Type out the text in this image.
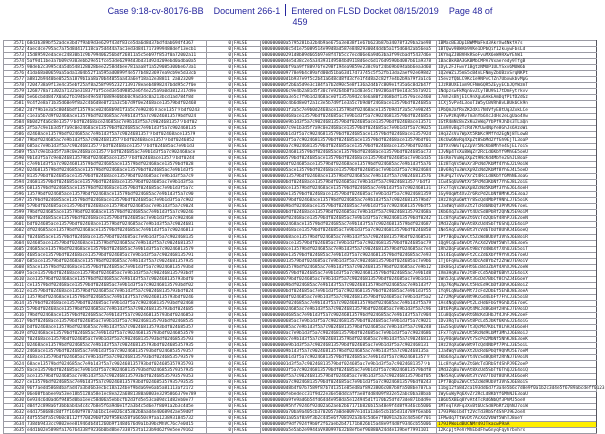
Case 9:18-cv-80176-BB Document 266-1 Entered on FLSD Docket 08/15/2019 Page 48 of
459
3571	68d3b389bf52adce3bd7f9ab9d3e629f43df83ce5da6d8d37bdfdab694f4367	0	FALSE	000000000a5795281b32b4b9ae675a3e038f1e67b623b87b34078f329ba2ae98	1BMacBE3Dp1BWMMaFkd3AkrXw4NkfA7s	
3572	4aecdce795ac7a75d8d417118ca75d444a7ac1ed3d8417173999488def13ecb1	0	FALSE	0000000000c541e75089514e99d8ad587e8482930044ddb5a1f5d6042ab56ea5	1BTQwv98WAb9VKe1DPbQif12kuywFbsLd	
3573	15d89592edacec24830b1c9b799406256bdf26811a5c5eb97f853f0a72002a11	0	FALSE	000000000291d8b89d665b97e8f47b5cc7ecd06e6a9d63ba3f99cbadf5437d6e	1KYmqZJ8BVHkRSoFvuMX6eW9RXwYEhW1	
3574	5af9d11be3a7b09c9303ebb29e51fce53de62994d3bd31d92d209ebd0adba0a5	0	FALSE	0000000004e5d38c2e5a34393149584bd9118d6ec6d176d9590bd087b61a9378	1BacBkABA3GKBMbCMPA7Vxaeredy9TfgB	
3575	98deb2c3995cda5db548128028bee2258d4bee781aaa8f1a529085300be673a1	0	FALSE	000000000bf9aa9ff80976fe298f194ea9859e238c9af24b69b694abb6ea3d60	1DyL2FJFwvY1BgtzNMUP1ULYSxv6MUW6b	
3576	41da68a00659aa5ada1304b52f1a595ad0899f4e577b4823697ea9cb9e5d33cb	0	FALSE	0000000009778e9b4c89afd00d51ba63d17d73745c5f52fb13da2aef92e698d2	1Q2eWZiJ5mS5cB4nLFNmyZbUBzxSrqNKPt	
3577	a8812b9440be0525a1879b1aa8a70b44055aa43a6ef18a12e38811 2a023209	0	FALSE	000000000d1b937e9f5c2b41a648cd8fd3cfe1f4d8a2c82f7e4b2b9a79f3a1c6	15evzfQbLC9Kc1e9NPvCTZn7UbxwkbvMpG	
3578	7204738a9f13e4c35ebf25af8a258f9952327139178eaeb4898247bdd95c7f0e	0	FALSE	000000000f2b6a5d9e3c184fa7b2d90c5e8f136a2d4b7c809e1f35a6c8d2b47f	1JzR8UXE1xm9CFNm6QR5ZEyyECbJQYWzmT	
3579	1268778a71302a7132ae31837faf5ced3e5d98852e6f4e225a9a0d3812317d9e	0	FALSE	0000000006c9e4b2a81d5f30c7e9264b8fa1d03e5c7b9286a4f0e1d3c5b7a921	1NdpzswFkMqnGvZCyTBU9S17tDmFytrkvv	
3580	5e66cbdd847X0a62fb194be49e5876889e0bbb0c9ad3dc0a213bcd1ad784f8d	0	FALSE	000000000a3e5c7f9b1d2468ace0f1357b9d2c4e6a80f2468bdf13579ace2460	17mh2sBhjE1C9nXgu6AkEAmDqfP1fD2dGz	
3581	9c4f2e8a71b35d60e9f8a2c4b6d8e0f21a3c5b7d9f0e2468ace13579bdf02468	0	FALSE	000000000c4b6d8e0f2a1c3e5b7d9f1e3a5c7b9d0f2468ace13579bdf024685a	1CXj5vPv4L3ooT1W5yCBVRhBvLBUk6Ck9n	
3582	2d7f9b1e3a5c8046bdf13579ace02468b9d1f3a5c7e90246８ace1357９bdf0243	0	FALSE	0000000001f3a5c7e9b0d2468ace13579bdf02468ace1357b9d1f3a5c7e90245	1PbQmJafRvZK2dXi7N4VfyE8tUq3ZxkLCe	
3583	c1e3a5b7d9f02468ace13579bdf024685ac7e9b1d3f5a7c90246813579bdf024	0	FALSE	000000000468ace13579bdf024685ac7e9b1d3f5a7c90246813579bdf024685a	1F7wPzKq9RvTm3nYb6XcJdHs2eLgUao4Vw	
3584	8b0d2f4a6c8e1357９bdf02468ace24685ac7e9b1d3f5a7c9024681357９bdf02	0	FALSE	000000000e9b1d3f5a7c90246813579bdf024685ace13579bdf02468ace13571	1GtR4mNc8vZxKu2eWq7YbPf9JhDs3TLaQn	
3585	3f5a7c9e1b3d5f7a9c0e2468ace13579bdf024685ac7e9b1d3f5a7c902468135	0	FALSE	0000000007c9e1b3d5f7a9c0e2468ace13579bdf024685ac7e9b1d3f5a7c9025	1Lm9XvBq2TcRd7KfUw4NpYe8GhJs6AzoWi	
3586	d2468ace13579bdf024685ac7e9b1d3f5a7c9024681357９bdf02468ace13579	0	FALSE	000000000b1d3f5a7c90246813579bdf024685ace13579bdf02468ace135792d	1Hq3ZsVu7WpXt5RbKc9MfYd2EgNj8TLowB	
3587	79bdf024685ac7e9b1d3f5a7c9024681357９bdf02468ace1357９bdf0246852	0	FALSE	0000000003f5a7c90246813579bdf024685ace13579bdf02468ace13579bdf01	1KcUw6NvRq4XpZt8SbMd2YfGh9EjTL3oaP	
3588	685ac7e9b1d3f5a7c9024681357９bdf02468ace1357９bdf024685ac7e9b1d3	0	FALSE	000000000a7c90246813579bdf024685ace13579bdf02468ace13579bdf02463	1DfXs9WuTq2ZpVr5NcKb8MhYe4GjEL7oiS	
3589	f5a7c9e1b3d5f7a9c0e2468ace1357９bdf024685ac7e9b1d3f5a7c902468ace	0	FALSE	000000000246813579bdf024685ace13579bdf02468ace13579bdf024685ac73	1JvNp4TsXu8WqZr2RcLd6KbYf9MhGE5oeU	
3590	9b1d3f5a7c9e0246813579bdf024685ace1357９bdf02468ace1357９bdf0244	0	FALSE	000000000579bdf024685ace13579bdf02468ace13579bdf024685ac7e9b1d35	16sRm7VuWq3XpZt9NcKd4MbYe2GhJL8oaF	
3591	c7e9b1d3f5a7c90246813579bdf024685ace13579bdf02468ace13579bdf028	0	FALSE	000000000df024685ace13579bdf02468ace13579bdf024685ac7e9b1d3f5a76	1Ez8TqVs5WuXr3PcNd7KbMf4YhGJ2L9oiW	
3592	0246813579bdf024685ace13579bdf02468ace13579bdf024685ac7e9b1d3f5	0	FALSE	0000000005ace13579bdf02468ace13579bdf024685ac7e9b1d3f5a7c9024684	1Bv6RqTu3WsXp9ZcNd2KbMf8YhGJ4L5oeD	
3593	813579bdf024685ace13579bdf02468ace13579bdf024685ac7e9b1d3f5a7c9	0	FALSE	00000000013579bdf02468ace13579bdf024685ac7e9b1d3f5a7c90246813576	19uPq2TsVw7XrZt4RcLd8KbYf6MhNE3oaG	
3594	246813579bdf024685ace13579bdf02468ace13579bdf024685ac7e9b1d3f5a	0	FALSE	000000000bdf02468ace13579bdf024685ac7e9b1d3f5a7c9024681357９bdf3	1Cw4SqUu9WtXr5PcMd3KbNf7YhGJ8L2oiE	
3595	6813579bdf024685ace13579bdf02468ace13579bdf024685ac7e9b1d3f5a7c	0	FALSE	000000000ce13579bdf02468ace13579bdf024685ac7e9b1d3f5a7c902468131	1Fx7TqVs2WuXp8ZcNd5KbMf3YhGJ6L4oeH	
3596	13579bdf024685ace13579bdf02468ace13579bdf024685ac7e9b1d3f5a7c90	0	FALSE	000000000e13579bdf02468ace13579bdf024685ac7e9b1d3f5a7c9024681359	1Gy9UqWt4XvZr6RcPd2LbNf8MhKJ5E3oaJ	
3597	3579bdf024685ace13579bdf02468ace13579bdf024685ac7e9b1d3f5a7c902	0	FALSE	00000000079bdf02468ace13579bdf024685ac7e9b1d3f5a7c90246813579bd7	1Hz2VqXu6WtYr8ScQd4MbPf9NhLJ7E5oiK	
3598	579bdf024685ace13579bdf02468ace13579bdf024685ac7e9b1d3f5a7c9024	0	FALSE	0000000009bdf02468ace13579bdf024685ac7e9b1d3f5a7c90246813579bdf5	1Ja4WqYu8XvZt2TcRd6NbQf3PhMJ9E7oeL	
3599	79bdf024685ace13579bdf02468ace13579bdf024685ac7e9b1d3f5a7c90246	0	FALSE	000000000bdf02468ace13579bdf024685ac7e9b1d3f5a7c902468135792468a	1Kb6XqZu3WvYt4UcSd8PbRf2QhNJ5E9oiM	
3600	9bdf024685ace13579bdf02468ace13579bdf024685ac7e9b1d3f5a7c902468	0	FALSE	000000000f02468ace13579bdf024685ac7e9b1d3f5a7c90246813579bdf0242	1Lc8YqAu5WvZt6VcTd2QbSf4RhPJ3E2oeN	
3601	bdf024685ace13579bdf02468ace13579bdf024685ac7e9b1d3f5a7c9024681	0	FALSE	0000000002468ace13579bdf024685ac7e9b1d3f5a7c90246813579bdf024687	1Md3ZqBu7WvAt8XcUd4SbTf6ShQJ2E4oiP	
3602	df024685ace13579bdf02468ace13579bdf024685ac7e9b1d3f5a7c90246813	0	FALSE	000000000468ace13579bdf024685ac7e9b1d3f5a7c90246813579bdf0246858	1Ne5AqCu9WvBt3YcVd6TbUf8UhRJ4E6oeQ	
3603	f024685ace13579bdf02468ace13579bdf024685ac7e9b1d3f5a7c902468135	0	FALSE	00000000068ace13579bdf024685ac7e9b1d3f5a7c90246813579bdf02468531	1Pf7BqDu2WvCt5ZcWd8UbVf3VhSJ6E8oiR	
3604	024685ace13579bdf02468ace13579bdf024685ac7e9b1d3f5a7c9024681357	0	FALSE	000000000ace13579bdf024685ac7e9b1d3f5a7c90246813579bdf024685ac79	1Qg9CqEu4WvDt7AcXd2VbWf5WhTJ8E3oeS	
3605	24685ace13579bdf02468ace13579bdf024685ac7e9b1d3f5a7c90246813579	0	FALSE	000000000ce13579bdf024685ac7e9b1d3f5a7c90246813579bdf024685ac7e4	1Rh2DqFu6WvEt9BcYd4WbXf7XhUJ3E5oiT	
3606	4685ace13579bdf02468ace13579bdf024685ac7e9b1d3f5a7c902468135791	0	FALSE	000000000e13579bdf024685ac7e9b1d3f5a7c90246813579bdf024685ac7e93	1Si4EqGu8WvFt2CcZd6XbYf9YhVJ5E7oeU	
3607	685ace13579bdf02468ace13579bdf024685ac7e9b1d3f5a7c9024681357935	0	FALSE	00000000013579bdf024685ac7e9b1d3f5a7c90246813579bdf024685ac7e9b6	1Tj6FqHu3WvGt4DcAd8YbZf2ZhWJ7E9oiV	
3608	85ace13579bdf02468ace13579bdf024685ac7e9b1d3f5a7c902468135793bd	0	FALSE	0000000003579bdf024685ac7e9b1d3f5a7c90246813579bdf024685ac7e9b12	1Uk8GqJu5WvHt6EcBd3ZbAf4AhXJ9E2oeW	
3609	5ace13579bdf02468ace13579bdf024685ac7e9b1d3f5a7c902468135793bdf	0	FALSE	000000000579bdf024685ac7e9b1d3f5a7c90246813579bdf024685ac7e9b1d8	1Vm3HqKu7WvJt8FcCd5AbBf6BhYJ2E4oiX	
3610	ace13579bdf02468ace13579bdf024685ac7e9b1d3f5a7c902468135793bdf0	0	FALSE	00000000079bdf024685ac7e9b1d3f5a7c90246813579bdf024685ac7e9b1d31	1Wn5JqLu9WvKt3GcDd7BbCf8ChZJ4E6oeY	
3611	ce13579bdf02468ace13579bdf024685ac7e9b1d3f5a7c902468135793bdf02	0	FALSE	0000000009bdf024685ac7e9b1d3f5a7c90246813579bdf024685ac7e9b1d3f7	1Xp7KqMu2WvLt5HcEd9CbDf3DhAJ6E8oiZ	
3612	e13579bdf02468ace13579bdf024685ac7e9b1d3f5a7c902468135793bdf024	0	FALSE	000000000bdf024685ac7e9b1d3f5a7c90246813579bdf024685ac7e9b1d3f55	1Yq9LqNu4WvMt7JcFd2DbEf5EhBJ8E3oeA	
3613	13579bdf02468ace13579bdf024685ac7e9b1d3f5a7c902468135793bdf0246	0	FALSE	000000000df024685ac7e9b1d3f5a7c90246813579bdf024685ac7e9b1d3f5a2	1Zr2MqPu6WvNt9KcGd4EbFf7FhCJ3E5oiB	
3614	3579bdf02468ace13579bdf024685ac7e9b1d3f5a7c902468135793bdf02468	0	FALSE	000000000f024685ac7e9b1d3f5a7c90246813579bdf024685ac7e9b1d3f5a79	1As4NqQu8WvPt2LcHd6FbGf9GhDJ5E7oeC	
3615	579bdf02468ace13579bdf024685ac7e9b1d3f5a7c902468135793bdf024685	0	FALSE	00000000024685ac7e9b1d3f5a7c90246813579bdf024685ac7e9b1d3f5a7c96	1Bt6PqRu3WvQt4McJd8GbHf2HhEJ7E9oiD	
3616	79bdf02468ace13579bdf024685ac7e9b1d3f5a7c902468135793bdf0246853	0	FALSE	0000000004685ac7e9b1d3f5a7c90246813579bdf024685ac7e9b1d3f5a7c904	1Cu8QqSu5WvRt6NcKd3HbJf4JhFJ9E2oeF	
3617	9bdf02468ace13579bdf024685ac7e9b1d3f5a7c902468135793bdf02468535	0	FALSE	000000000685ac7e9b1d3f5a7c90246813579bdf024685ac7e9b1d3f5a7c9021	1Dv3RqTu7WvSt8PcLd5JbKf6KhGJ2E4oiG	
3618	bdf02468ace13579bdf024685ac7e9b1d3f5a7c902468135793bdf024685357	0	FALSE	00000000085ac7e9b1d3f5a7c90246813579bdf024685ac7e9b1d3f5a7c90248	1Ew5SqUu9WvTt3QcMd7KbLf8LhHJ4E6oeH	
3619	df02468ace13579bdf024685ac7e9b1d3f5a7c902468135793bdf0246853579	0	FALSE	000000000ac7e9b1d3f5a7c90246813579bdf024685ac7e9b1d3f5a7c9024686	1Fx7TqVu2WvUt5RcNd9LbMf3MhJJ6E8oiJ	
3620	f02468ace13579bdf024685ac7e9b1d3f5a7c902468135793bdf02468535793	0	FALSE	000000000c7e9b1d3f5a7c90246813579bdf024685ac7e9b1d3f5a7c90246813	1Gy9UqWu4WvVt7ScPd2MbNf5NhKJ8E3oeK	
3621	02468ace13579bdf024685ac7e9b1d3f5a7c902468135793bdf024685357935	0	FALSE	000000000e9b1d3f5a7c90246813579bdf024685ac7e9b1d3f5a7c902468131	1Hz2VqXu6WvWt9TcQd4NbPf7PhLJ3E5oiL	
3622	2468ace13579bdf024685ac7e9b1d3f5a7c902468135793bdf0246853579357	0	FALSE	0000000009b1d3f5a7c90246813579bdf024685ac7e9b1d3f5a7c902468135а	1Ja4WqYu8WvXt2UcRd6PbQf9QhMJ5E7oeM	
3623	468ace13579bdf024685ac7e9b1d3f5a7c902468135793bdf02468535793579	0	FALSE	000000000b1d3f5a7c90246813579bdf024685ac7e9b1d3f5a7c9024681357９	1Kb6XqZu3WvYt4VcSd8QbRf2RhNJ7E9oiN	
3624	68ace13579bdf024685ac7e9b1d3f5a7c902468135793bdf024685357935793	0	FALSE	0000000001d3f5a7c90246813579bdf024685ac7e9b1d3f5a7c9024681357９b	1Lc8YqAu5WvZt6WcTd3RbSf4ShPJ9E2oeP	
3625	8ace13579bdf024685ac7e9b1d3f5a7c902468135793bdf0246853579357935	0	FALSE	0000000003f5a7c90246813579bdf024685ac7e9b1d3f5a7c90246813579bdf8	1Md3ZqBu7WvAt8XcUd5SbTf6ThQJ2E4oiQ	
3626	ace13579bdf024685ac7e9b1d3f5a7c902468135793bdf02468535793579353	0	FALSE	000000000f5a7c90246813579bdf024685ac7e9b1d3f5a7c90246813579bdf05	1Ne5AqCu9WvBt3YcVd7TbUf8UhRJ4E6oeR	
3627	ce13579bdf024685ac7e9b1d3f5a7c902468135793bdf024685357935793535	0	FALSE	000000000a7c90246813579bdf024685ac7e9b1d3f5a7c90246813579bdf0243	1Pf7BqDu2WvCt5ZcWd9UbVf3VhSJ6E8oiS	
3628	96f7aedd5868dbafad47a3bd6b3ecbc18a124bef9bda69e6ab5a81113af2172	0	FALSE	000000000d8b4f07b7589f87b7d1351e85ed8af8923806c087b8fa508be707La	11bg12fa8d2ca193dd6d7f3a4e5b6c7d8e9f0a1b2c3d4e5f6789abcdeff0123	
3629	06e08fbabee9a53ee18b5128a58e1ec8ea22a6881380a0803e3295866379e789	0	FALSE	000000000febedecc31f9d22e36e50ddcaffae8fdd8409f832e52abc0ba38bab	1WyGuWyPq6XvZr2RcLd8KbYf6MhNJE3oaU	
3630	6e934c6d0ad6f9485d0ba1eec58d06a5ebbcfb2d3fd5e53ca09dc1d82eb0e77	0	FALSE	000000000a9fe9ad6b54fd64d4e958da5e124945d1f170b25dfd73de871bdd9e	1B6U5XBEq8YvAt4TcRd6NbQf3PhMJ5oeV	
3631	d04f2c898a6f3bbbab4a4c4c7b8e5f6a9d0e1f2a3b4c5d6e7f8091a2b3c4d5e	0	FALSE	00000000095hf79246f92d02a62aeb2b67171b826b15a48e9f4d8f9346cb5006	1MTeqTAVFq3XvBt6UcSd8PbRf2QhNJ7oiW	
3632	e4d1758688c8df7f1640f9707ab1bc1ee026cd5382b8aad4e4068942ae59d0f	0	FALSE	000000000a70ba9a405cb3702057a0de0097e1d1a1a6e5cb1b5d31d789f6eab6	1793PWoib4Tt2VcTd3RbSf4ShPJ9E2oeX	
3633	4df555dfa5c9b0c0112ff70d29b0f20f958ka58fa6650s9faa1238931845732	0	FALSE	0000000001a05af8a9f3b2c4d5e6f708192a3b4c5d6e7f8091a2b3c4d5e6f701	1FMwdq7TtWvDt7AcXd2VbWf5WhTJ8oeY	
3634	738db9433cc9802eee81946db4d1260b9f148d676d9a1b39bcMhVC76c7e0d15	0	FALSE	000000000f9df7924f9b0f2f62aeb2b47171b826b15a48e9f4d8f9346cb55006	179JPWoLdBUCNMr49JTkacwP9aA	
3635	e4d1b02e5898fa176764338f9236b0bd8be7338753ta123b9d62f9e5ee79162	0	FALSE	000000000a5e5ab2e9944aVA80997632b8efbef96880A24d4e139bef7991101	12KcpjtPeVrMhEbdFhw6nyqFqyhrbvhrs	
